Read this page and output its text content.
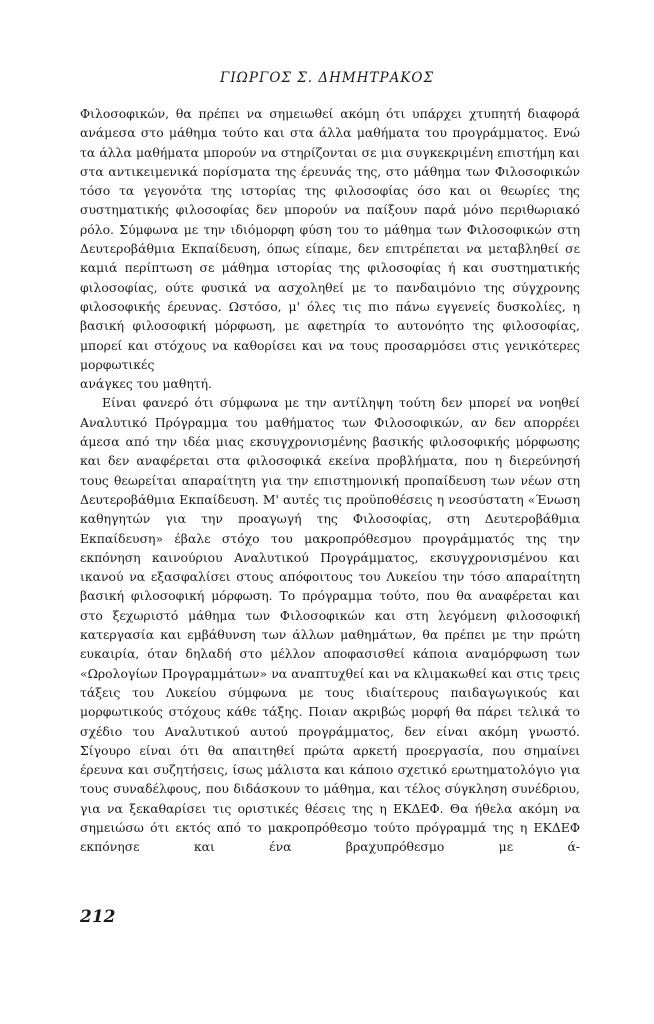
ΓΙΩΡΓΟΣ Σ. ΔΗΜΗΤΡΑΚΟΣ

Φιλοσοφικών, θα πρέπει να σημειωθεί ακόμη ότι υπάρχει χτυπητή διαφορά ανάμεσα στο μάθημα τούτο και στα άλλα μαθήματα του προγράμματος. Ενώ τα άλλα μαθήματα μπορούν να στηρίζονται σε μια συγκεκριμένη επιστήμη και στα αντικειμενικά πορίσματα της έρευνάς της, στο μάθημα των Φιλοσοφικών τόσο τα γεγονότα της ιστορίας της φιλοσοφίας όσο και οι θεωρίες της συστηματικής φιλοσοφίας δεν μπορούν να παίξουν παρά μόνο περιθωριακό ρόλο. Σύμφωνα με την ιδιόμορφη φύση του το μάθημα των Φιλοσοφικών στη Δευτεροβάθμια Εκπαίδευση, όπως είπαμε, δεν επιτρέπεται να μεταβληθεί σε καμιά περίπτωση σε μάθημα ιστορίας της φιλοσοφίας ή και συστηματικής φιλοσοφίας, ούτε φυσικά να ασχοληθεί με το πανδαιμόνιο της σύγχρονης φιλοσοφικής έρευνας. Ωστόσο, μ' όλες τις πιο πάνω εγγενείς δυσκολίες, η βασική φιλοσοφική μόρφωση, με αφετηρία το αυτονόητο της φιλοσοφίας, μπορεί και στόχους να καθορίσει και να τους προσαρμόσει στις γενικότερες μορφωτικές

ανάγκες του μαθητή.

Είναι φανερό ότι σύμφωνα με την αντίληψη τούτη δεν μπορεί να νοηθεί Αναλυτικό Πρόγραμμα του μαθήματος των Φιλοσοφικών, αν δεν απορρέει άμεσα από την ιδέα μιας εκσυγχρονισμένης βασικής φιλοσοφικής μόρφωσης και δεν αναφέρεται στα φιλοσοφικά εκείνα προβλήματα, που η διερεύνησή τους θεωρείται απαραίτητη για την επιστημονική προπαίδευση των νέων στη Δευτεροβάθμια Εκπαίδευση. Μ' αυτές τις προϋποθέσεις η νεοσύστατη «Ένωση καθηγητών για την προαγωγή της Φιλοσοφίας, στη Δευτεροβάθμια Εκπαίδευση» έβαλε στόχο του μακροπρόθεσμου προγράμματός της την εκπόνηση καινούριου Αναλυτικού Προγράμματος, εκσυγχρονισμένου και ικανού να εξασφαλίσει στους απόφοιτους του Λυκείου την τόσο απαραίτητη βασική φιλοσοφική μόρφωση. Το πρόγραμμα τούτο, που θα αναφέρεται και στο ξεχωριστό μάθημα των Φιλοσοφικών και στη λεγόμενη φιλοσοφική κατεργασία και εμβάθυνση των άλλων μαθημάτων, θα πρέπει με την πρώτη ευκαιρία, όταν δηλαδή στο μέλλον αποφασισθεί κάποια αναμόρφωση των «Ωρολογίων Προγραμμάτων» να αναπτυχθεί και να κλιμακωθεί και στις τρεις τάξεις του Λυκείου σύμφωνα με τους ιδιαίτερους παιδαγωγικούς και μορφωτικούς στόχους κάθε τάξης. Ποιαν ακριβώς μορφή θα πάρει τελικά το σχέδιο του Αναλυτικού αυτού προγράμματος, δεν είναι ακόμη γνωστό. Σίγουρο είναι ότι θα απαιτηθεί πρώτα αρκετή προεργασία, που σημαίνει έρευνα και συζητήσεις, ίσως μάλιστα και κάποιο σχετικό ερωτηματολόγιο για τους συναδέλφους, που διδάσκουν το μάθημα, και τέλος σύγκληση συνέδριου, για να ξεκαθαρίσει τις οριστικές θέσεις της η ΕΚΔΕΦ. Θα ήθελα ακόμη να σημειώσω ότι εκτός από το μακροπρόθεσμο τούτο πρόγραμμά της η ΕΚΔΕΦ εκπόνησε και ένα βραχυπρόθεσμο με ά-

212
